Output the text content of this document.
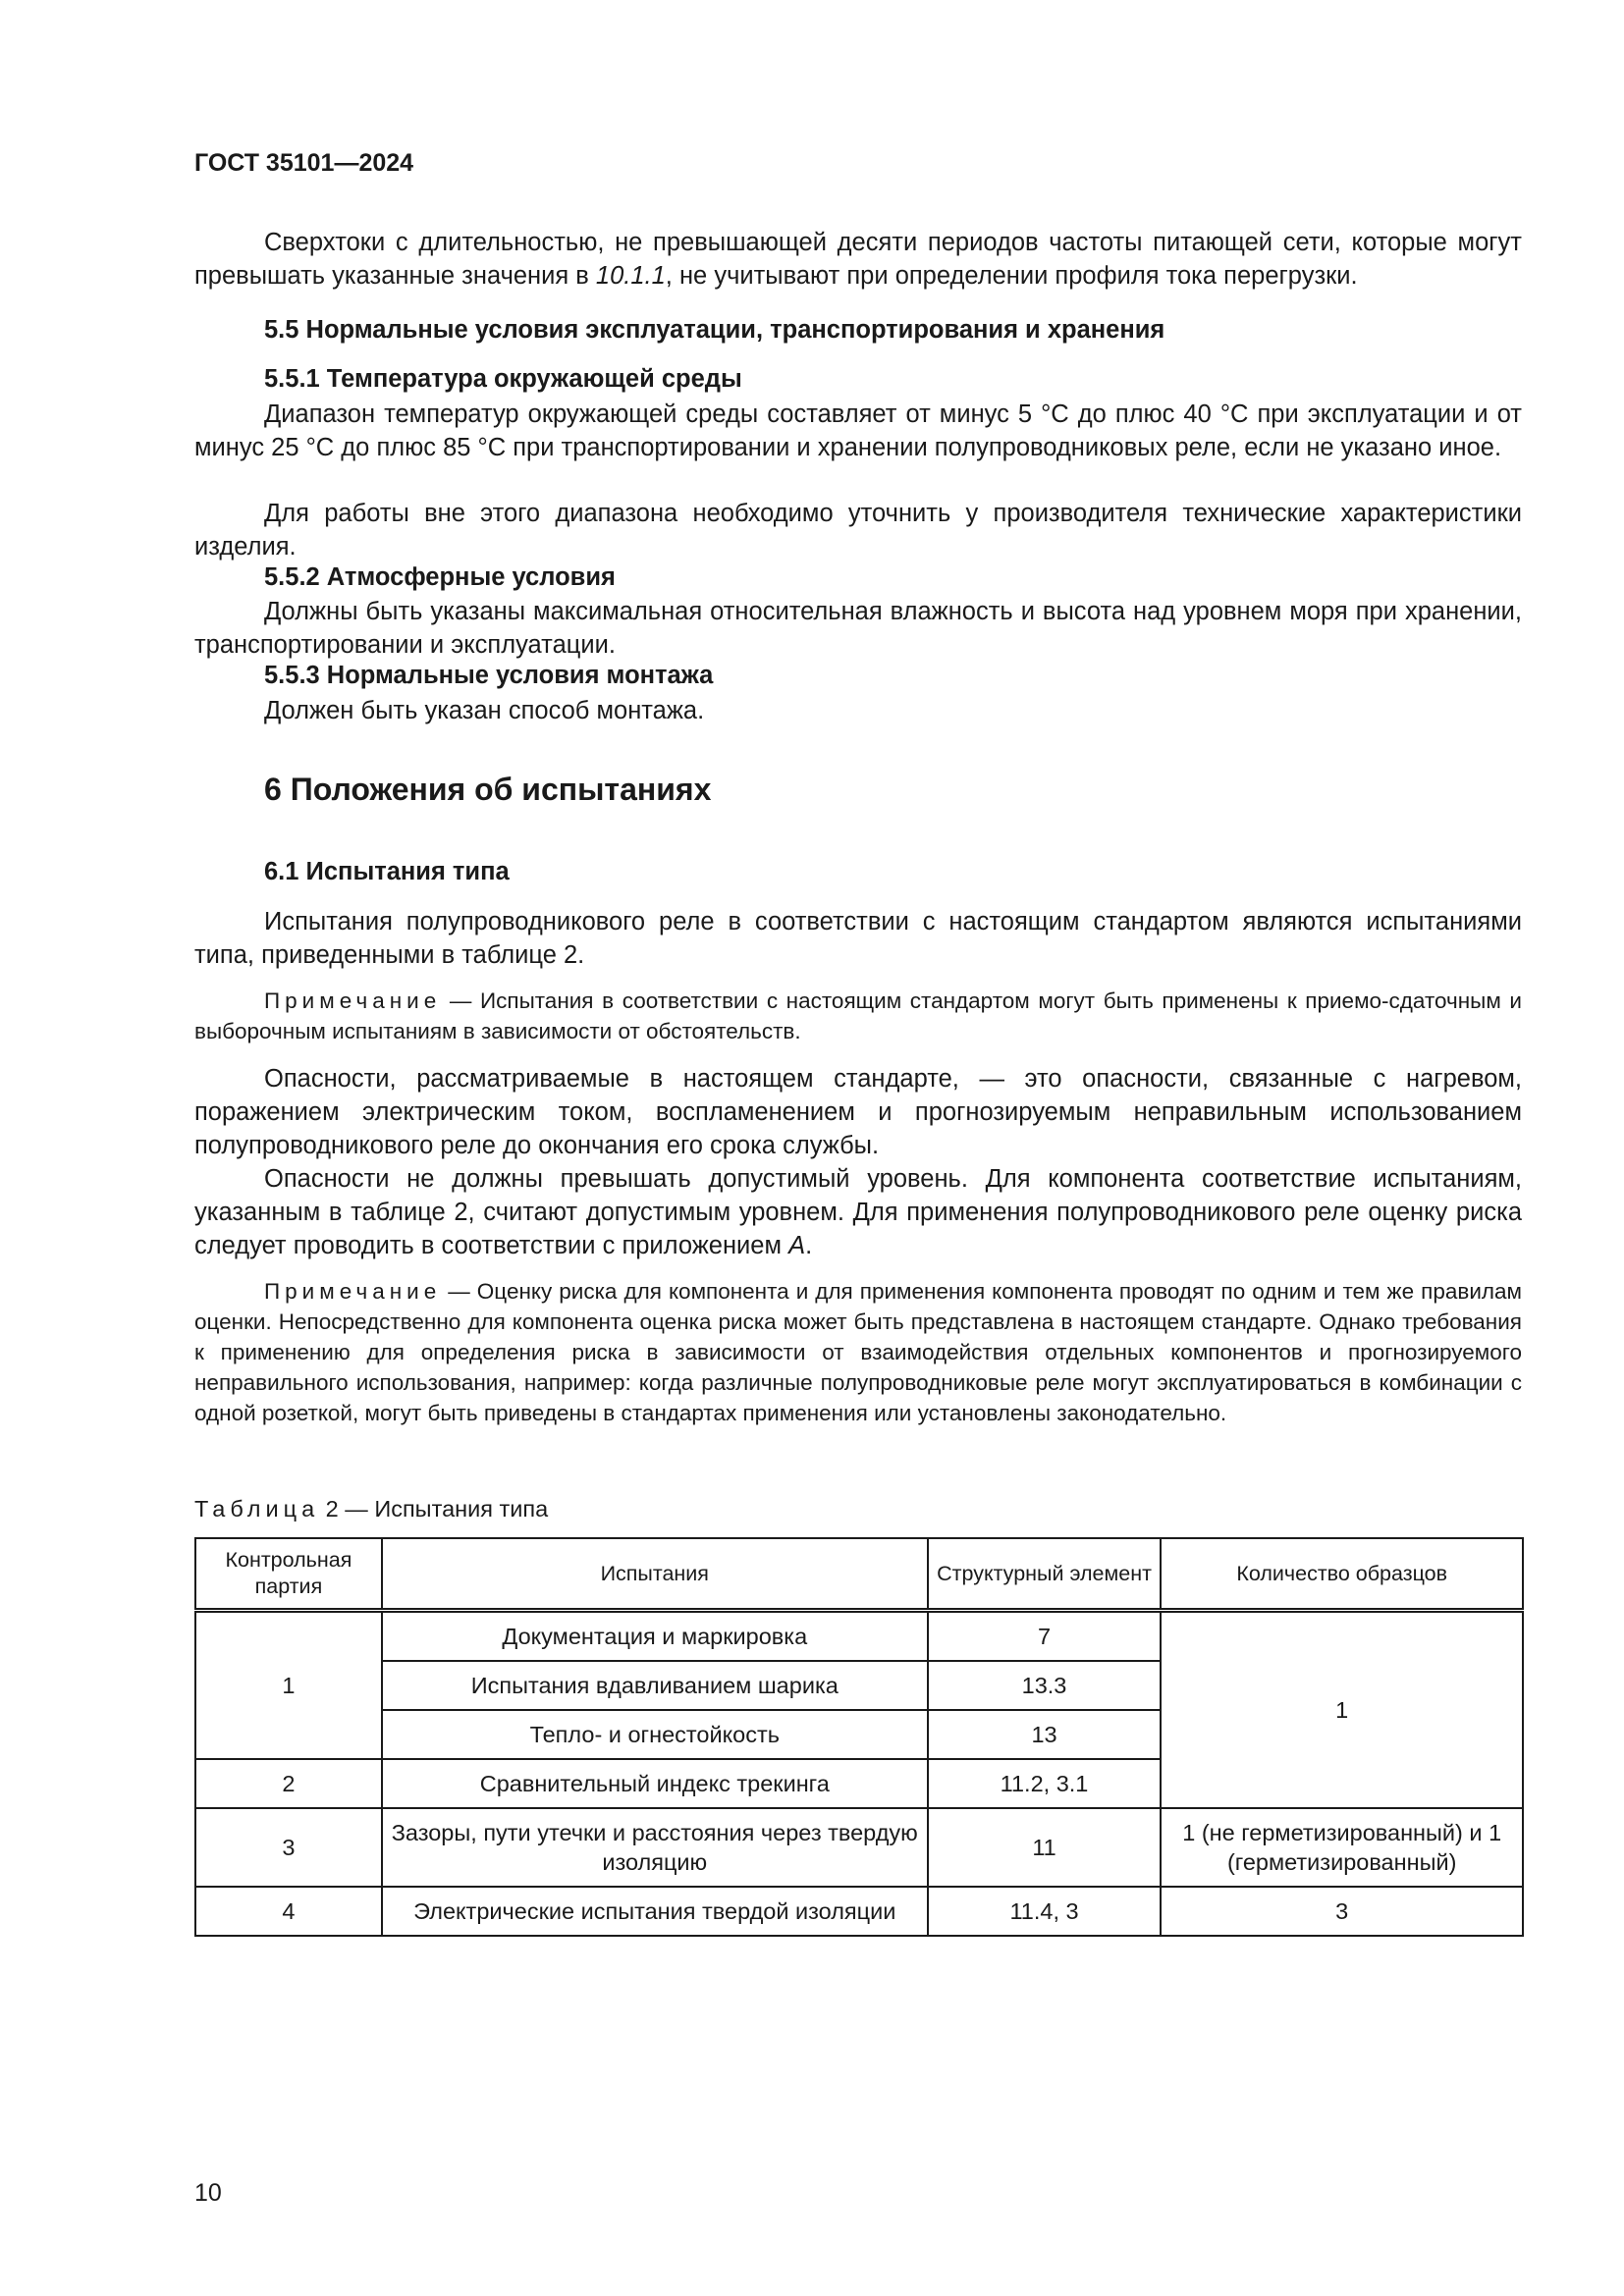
ГОСТ 35101—2024
Сверхтоки с длительностью, не превышающей десяти периодов частоты питающей сети, которые могут превышать указанные значения в 10.1.1, не учитывают при определении профиля тока перегрузки.
5.5 Нормальные условия эксплуатации, транспортирования и хранения
5.5.1 Температура окружающей среды
Диапазон температур окружающей среды составляет от минус 5 °С до плюс 40 °С при эксплуатации и от минус 25 °С до плюс 85 °С при транспортировании и хранении полупроводниковых реле, если не указано иное.
Для работы вне этого диапазона необходимо уточнить у производителя технические характеристики изделия.
5.5.2 Атмосферные условия
Должны быть указаны максимальная относительная влажность и высота над уровнем моря при хранении, транспортировании и эксплуатации.
5.5.3 Нормальные условия монтажа
Должен быть указан способ монтажа.
6 Положения об испытаниях
6.1 Испытания типа
Испытания полупроводникового реле в соответствии с настоящим стандартом являются испытаниями типа, приведенными в таблице 2.
Примечание — Испытания в соответствии с настоящим стандартом могут быть применены к приемо-сдаточным и выборочным испытаниям в зависимости от обстоятельств.
Опасности, рассматриваемые в настоящем стандарте, — это опасности, связанные с нагревом, поражением электрическим током, воспламенением и прогнозируемым неправильным использованием полупроводникового реле до окончания его срока службы.
Опасности не должны превышать допустимый уровень. Для компонента соответствие испытаниям, указанным в таблице 2, считают допустимым уровнем. Для применения полупроводникового реле оценку риска следует проводить в соответствии с приложением А.
Примечание — Оценку риска для компонента и для применения компонента проводят по одним и тем же правилам оценки. Непосредственно для компонента оценка риска может быть представлена в настоящем стандарте. Однако требования к применению для определения риска в зависимости от взаимодействия отдельных компонентов и прогнозируемого неправильного использования, например: когда различные полупроводниковые реле могут эксплуатироваться в комбинации с одной розеткой, могут быть приведены в стандартах применения или установлены законодательно.
Таблица 2 — Испытания типа
Контрольная партия	Испытания	Структурный элемент	Количество образцов
1	Документация и маркировка	7	1
	Испытания вдавливанием шарика	13.3	
	Тепло- и огнестойкость	13	
2	Сравнительный индекс трекинга	11.2, 3.1	
3	Зазоры, пути утечки и расстояния через твердую изоляцию	11	1 (не герметизированный) и 1 (герметизированный)
4	Электрические испытания твердой изоляции	11.4, 3	3
10
